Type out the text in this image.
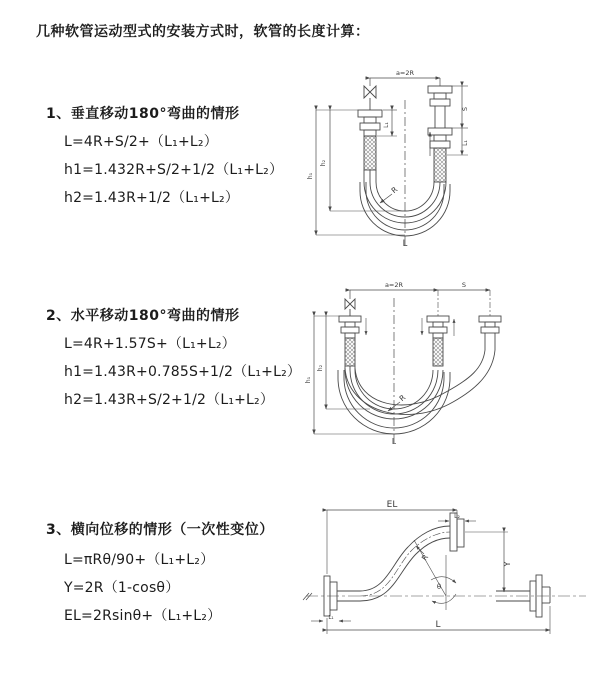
几种软管运动型式的安装方式时，软管的长度计算：
1、垂直移动180°弯曲的情形
L=4R+S/2+（L₁+L₂）
h1=1.432R+S/2+1/2（L₁+L₂）
h2=1.43R+1/2（L₁+L₂）
2、水平移动180°弯曲的情形
L=4R+1.57S+（L₁+L₂）
h1=1.43R+0.785S+1/2（L₁+L₂）
h2=1.43R+S/2+1/2（L₁+L₂）
3、横向位移的情形（一次性变位）
L=πRθ/90+（L₁+L₂）
Y=2R（1-cosθ）
EL=2Rsinθ+（L₁+L₂）
a=2R
S
L₁
L₁
h₂
h₁
R
L
a=2R	S
h₂
h₁
R
L
EL
L₂
Y
R
θ
L
L₁
